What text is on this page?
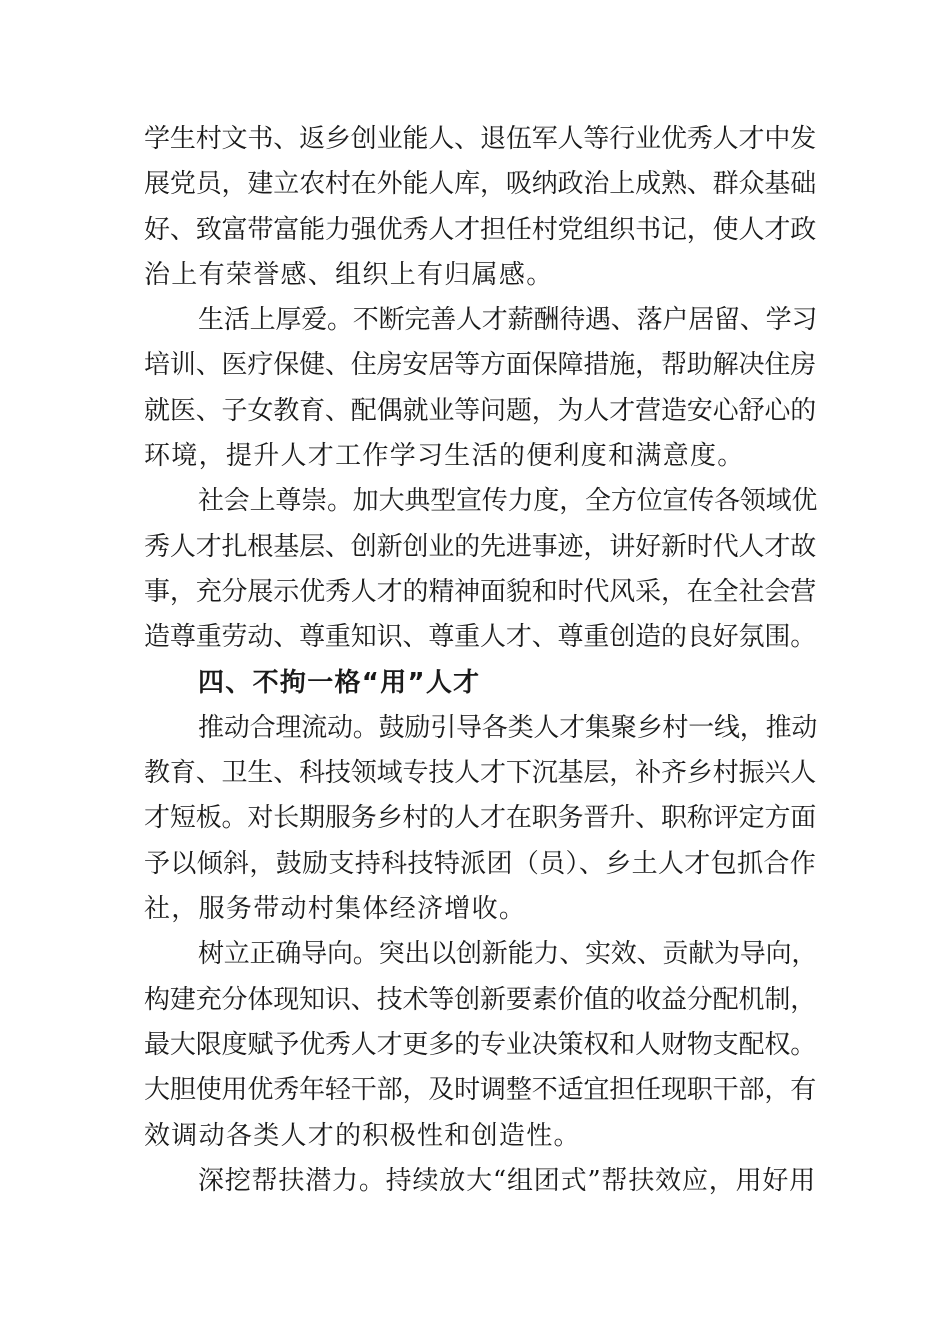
学生村文书、返乡创业能人、退伍军人等行业优秀人才中发
展党员，建立农村在外能人库，吸纳政治上成熟、群众基础
好、致富带富能力强优秀人才担任村党组织书记，使人才政
治上有荣誉感、组织上有归属感。
生活上厚爱。不断完善人才薪酬待遇、落户居留、学习
培训、医疗保健、住房安居等方面保障措施，帮助解决住房
就医、子女教育、配偶就业等问题，为人才营造安心舒心的
环境，提升人才工作学习生活的便利度和满意度。
社会上尊崇。加大典型宣传力度，全方位宣传各领域优
秀人才扎根基层、创新创业的先进事迹，讲好新时代人才故
事，充分展示优秀人才的精神面貌和时代风采，在全社会营
造尊重劳动、尊重知识、尊重人才、尊重创造的良好氛围。
四、不拘一格“用”人才
推动合理流动。鼓励引导各类人才集聚乡村一线，推动
教育、卫生、科技领域专技人才下沉基层，补齐乡村振兴人
才短板。对长期服务乡村的人才在职务晋升、职称评定方面
予以倾斜，鼓励支持科技特派团（员）、乡土人才包抓合作
社，服务带动村集体经济增收。
树立正确导向。突出以创新能力、实效、贡献为导向，
构建充分体现知识、技术等创新要素价值的收益分配机制，
最大限度赋予优秀人才更多的专业决策权和人财物支配权。
大胆使用优秀年轻干部，及时调整不适宜担任现职干部，有
效调动各类人才的积极性和创造性。
深挖帮扶潜力。持续放大“组团式”帮扶效应，用好用
